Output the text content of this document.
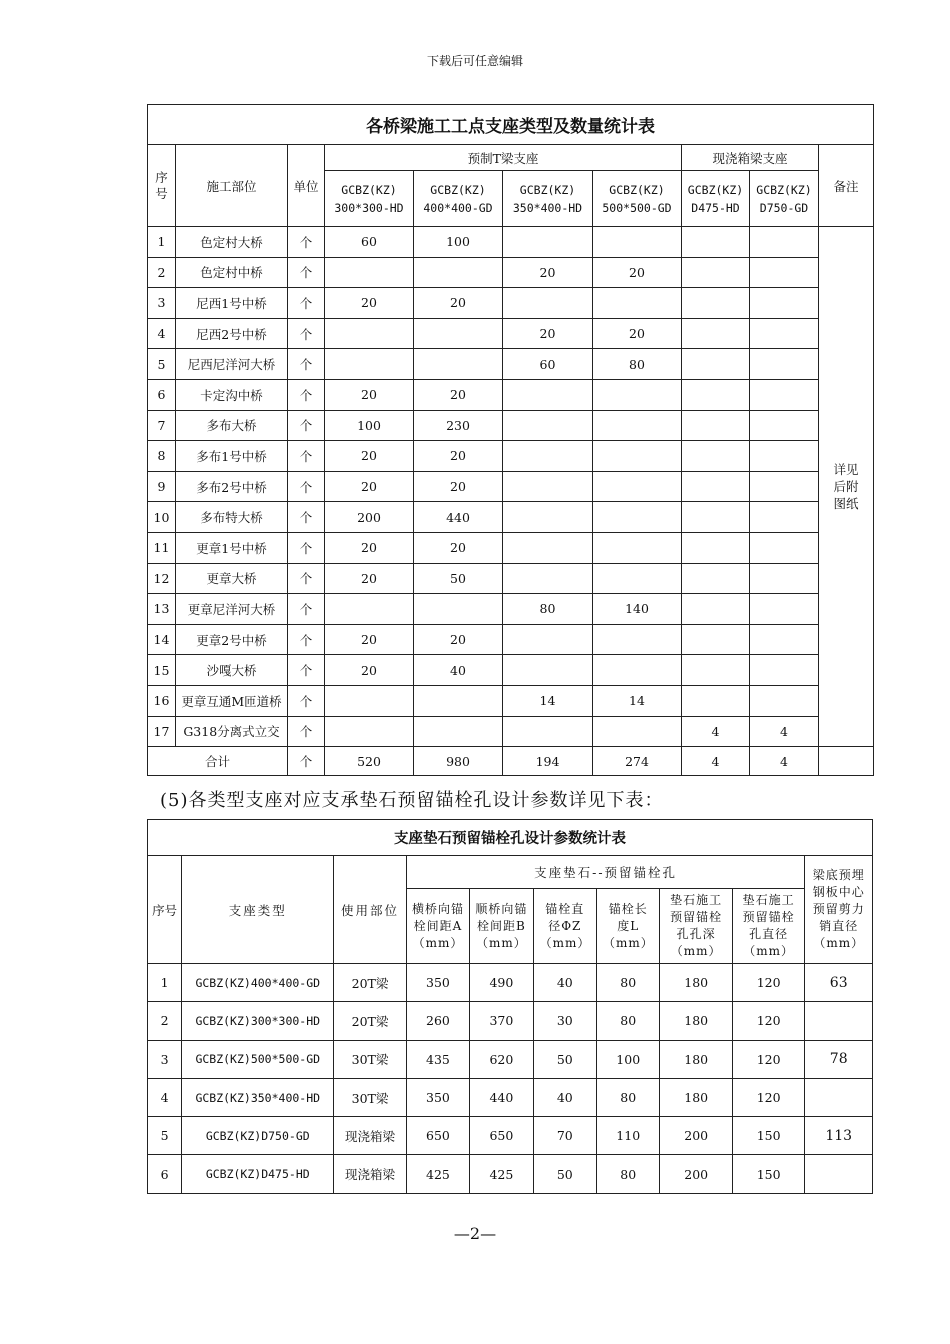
下载后可任意编辑
各桥梁施工工点支座类型及数量统计表									
序号	施工部位	单位	预制T梁支座				现浇箱梁支座		备注
			GCBZ(KZ) 300*300-HD	GCBZ(KZ) 400*400-GD	GCBZ(KZ) 350*400-HD	GCBZ(KZ) 500*500-GD	GCBZ(KZ) D475-HD	GCBZ(KZ) D750-GD	
1	色定村大桥	个	60	100					详见后附图纸
2	色定村中桥	个			20	20			
3	尼西1号中桥	个	20	20					
4	尼西2号中桥	个			20	20			
5	尼西尼洋河大桥	个			60	80			
6	卡定沟中桥	个	20	20					
7	多布大桥	个	100	230					
8	多布1号中桥	个	20	20					
9	多布2号中桥	个	20	20					
10	多布特大桥	个	200	440					
11	更章1号中桥	个	20	20					
12	更章大桥	个	20	50					
13	更章尼洋河大桥	个			80	140			
14	更章2号中桥	个	20	20					
15	沙嘎大桥	个	20	40					
16	更章互通M匝道桥	个			14	14			
17	G318分离式立交	个					4	4	
合计		个	520	980	194	274	4	4	
(5)各类型支座对应支承垫石预留锚栓孔设计参数详见下表：
支座垫石预留锚栓孔设计参数统计表									
序号	支座类型	使用部位	支座垫石--预留锚栓孔						梁底预埋钢板中心预留剪力销直径（mm）
			横桥向锚栓间距A（mm）	顺桥向锚栓间距B（mm）	锚栓直径ΦZ（mm）	锚栓长度L（mm）	垫石施工预留锚栓孔孔深（mm）	垫石施工预留锚栓孔直径（mm）	
1	GCBZ(KZ)400*400-GD	20T梁	350	490	40	80	180	120	63
2	GCBZ(KZ)300*300-HD	20T梁	260	370	30	80	180	120	
3	GCBZ(KZ)500*500-GD	30T梁	435	620	50	100	180	120	78
4	GCBZ(KZ)350*400-HD	30T梁	350	440	40	80	180	120	
5	GCBZ(KZ)D750-GD	现浇箱梁	650	650	70	110	200	150	113
6	GCBZ(KZ)D475-HD	现浇箱梁	425	425	50	80	200	150	
—2—
